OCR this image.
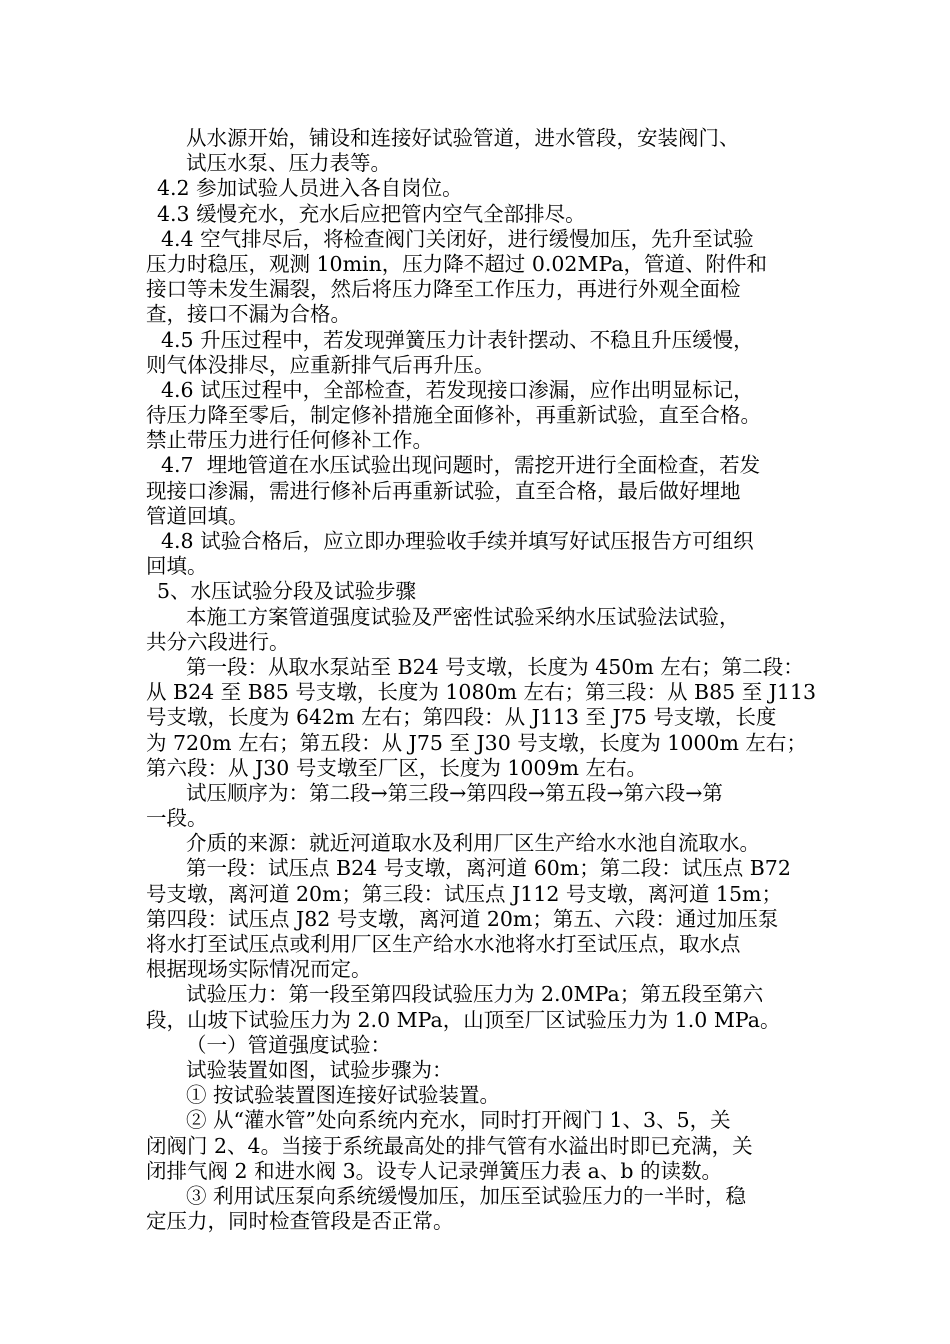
从水源开始，铺设和连接好试验管道，进水管段，安装阀门、
试压水泵、压力表等。
4.2 参加试验人员进入各自岗位。
4.3 缓慢充水，充水后应把管内空气全部排尽。
4.4 空气排尽后，将检查阀门关闭好，进行缓慢加压，先升至试验
压力时稳压，观测 10min，压力降不超过 0.02MPa，管道、附件和
接口等未发生漏裂，然后将压力降至工作压力，再进行外观全面检
查，接口不漏为合格。
4.5 升压过程中，若发现弹簧压力计表针摆动、不稳且升压缓慢，
则气体没排尽，应重新排气后再升压。
4.6 试压过程中，全部检查，若发现接口渗漏，应作出明显标记，
待压力降至零后，制定修补措施全面修补，再重新试验，直至合格。
禁止带压力进行任何修补工作。
4.7  埋地管道在水压试验出现问题时，需挖开进行全面检查，若发
现接口渗漏，需进行修补后再重新试验，直至合格，最后做好埋地
管道回填。
4.8 试验合格后，应立即办理验收手续并填写好试压报告方可组织
回填。
5、水压试验分段及试验步骤
本施工方案管道强度试验及严密性试验采纳水压试验法试验，
共分六段进行。
第一段：从取水泵站至 B24 号支墩，长度为 450m 左右；第二段：
从 B24 至 B85 号支墩，长度为 1080m 左右；第三段：从 B85 至 J113
号支墩，长度为 642m 左右；第四段：从 J113 至 J75 号支墩，长度
为 720m 左右；第五段：从 J75 至 J30 号支墩，长度为 1000m 左右；
第六段：从 J30 号支墩至厂区，长度为 1009m 左右。
试压顺序为：第二段→第三段→第四段→第五段→第六段→第
一段。
介质的来源：就近河道取水及利用厂区生产给水水池自流取水。
第一段：试压点 B24 号支墩，离河道 60m；第二段：试压点 B72
号支墩，离河道 20m；第三段：试压点 J112 号支墩，离河道 15m；
第四段：试压点 J82 号支墩，离河道 20m；第五、六段：通过加压泵
将水打至试压点或利用厂区生产给水水池将水打至试压点，取水点
根据现场实际情况而定。
试验压力：第一段至第四段试验压力为 2.0MPa；第五段至第六
段，山坡下试验压力为 2.0 MPa，山顶至厂区试验压力为 1.0 MPa。
（一）管道强度试验：
试验装置如图，试验步骤为：
① 按试验装置图连接好试验装置。
② 从“灌水管”处向系统内充水，同时打开阀门 1、3、5，关
闭阀门 2、4。当接于系统最高处的排气管有水溢出时即已充满，关
闭排气阀 2 和进水阀 3。设专人记录弹簧压力表 a、b 的读数。
③ 利用试压泵向系统缓慢加压，加压至试验压力的一半时，稳
定压力，同时检查管段是否正常。
